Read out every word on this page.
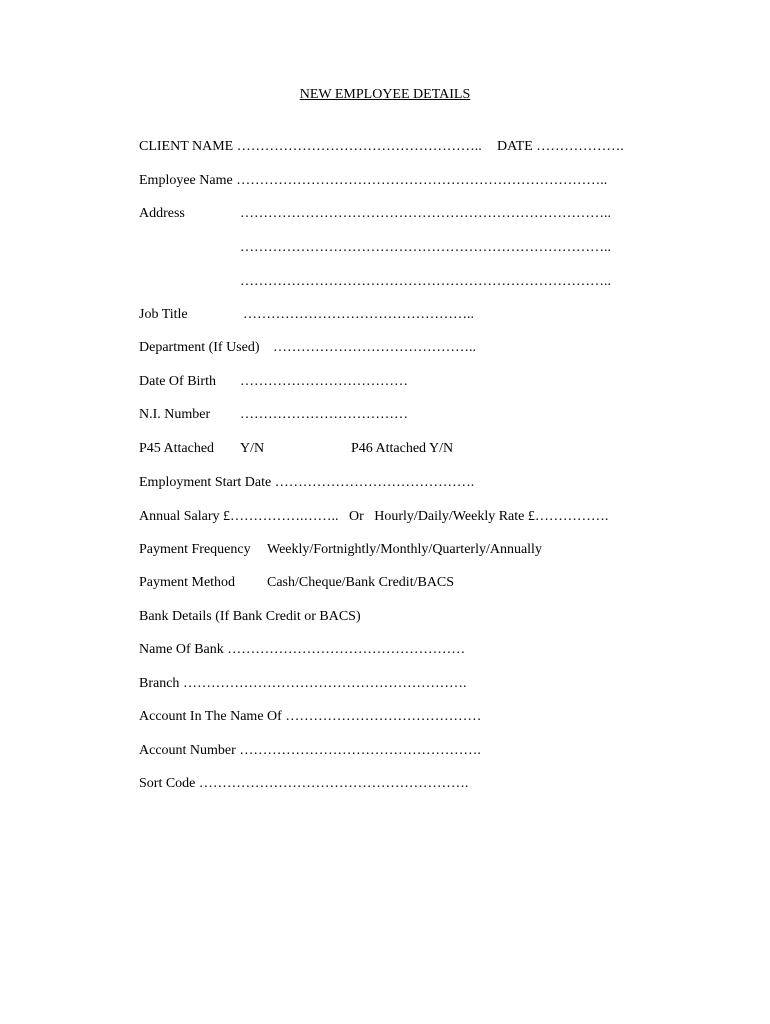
NEW EMPLOYEE DETAILS
CLIENT NAME …………………………………………….. DATE ……………….
Employee Name ……………………………………………………………………..
Address	……………………………………………………………………..
……………………………………………………………………..
……………………………………………………………………..
Job Title	…………………………………………..
Department (If Used) ……………………………………..
Date Of Birth ………………………………
N.I. Number ………………………………
P45 Attached Y/N	P46 Attached Y/N
Employment Start Date …………………………………….
Annual Salary £…………….…….. Or Hourly/Daily/Weekly Rate £…………….
Payment Frequency Weekly/Fortnightly/Monthly/Quarterly/Annually
Payment Method Cash/Cheque/Bank Credit/BACS
Bank Details (If Bank Credit or BACS)
Name Of Bank ……………………………………………
Branch …………………………………………………….
Account In The Name Of ……………………………………
Account Number …………………………………………….
Sort Code ………………………………………………….
